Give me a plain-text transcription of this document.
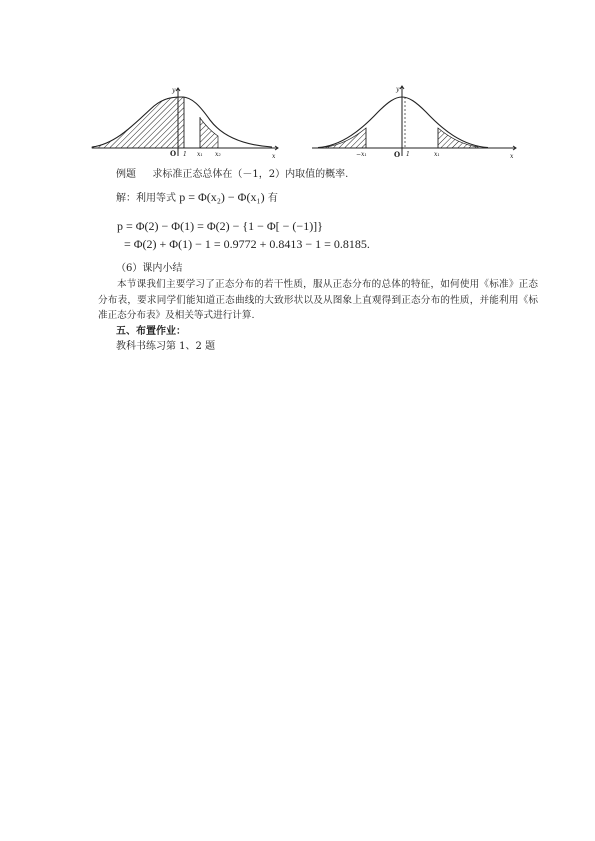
y
x
O 1 x₁ x₂
y
x
O
−x₁	1	x₁
例题 求标准正态总体在（－1，2）内取值的概率.
解：利用等式 p = Φ(x₂) − Φ(x₁) 有
p = Φ(2) − Φ(1) = Φ(2) − {1 − Φ[ − (−1)]}
= Φ(2) + Φ(1) − 1 = 0.9772 + 0.8413 − 1 = 0.8185.
（6）课内小结
本节课我们主要学习了正态分布的若干性质，服从正态分布的总体的特征，如何使用《标准》正态分布表，要求同学们能知道正态曲线的大致形状以及从图象上直观得到正态分布的性质，并能利用《标准正态分布表》及相关等式进行计算.
五、布置作业：
教科书练习第 1、2 题
